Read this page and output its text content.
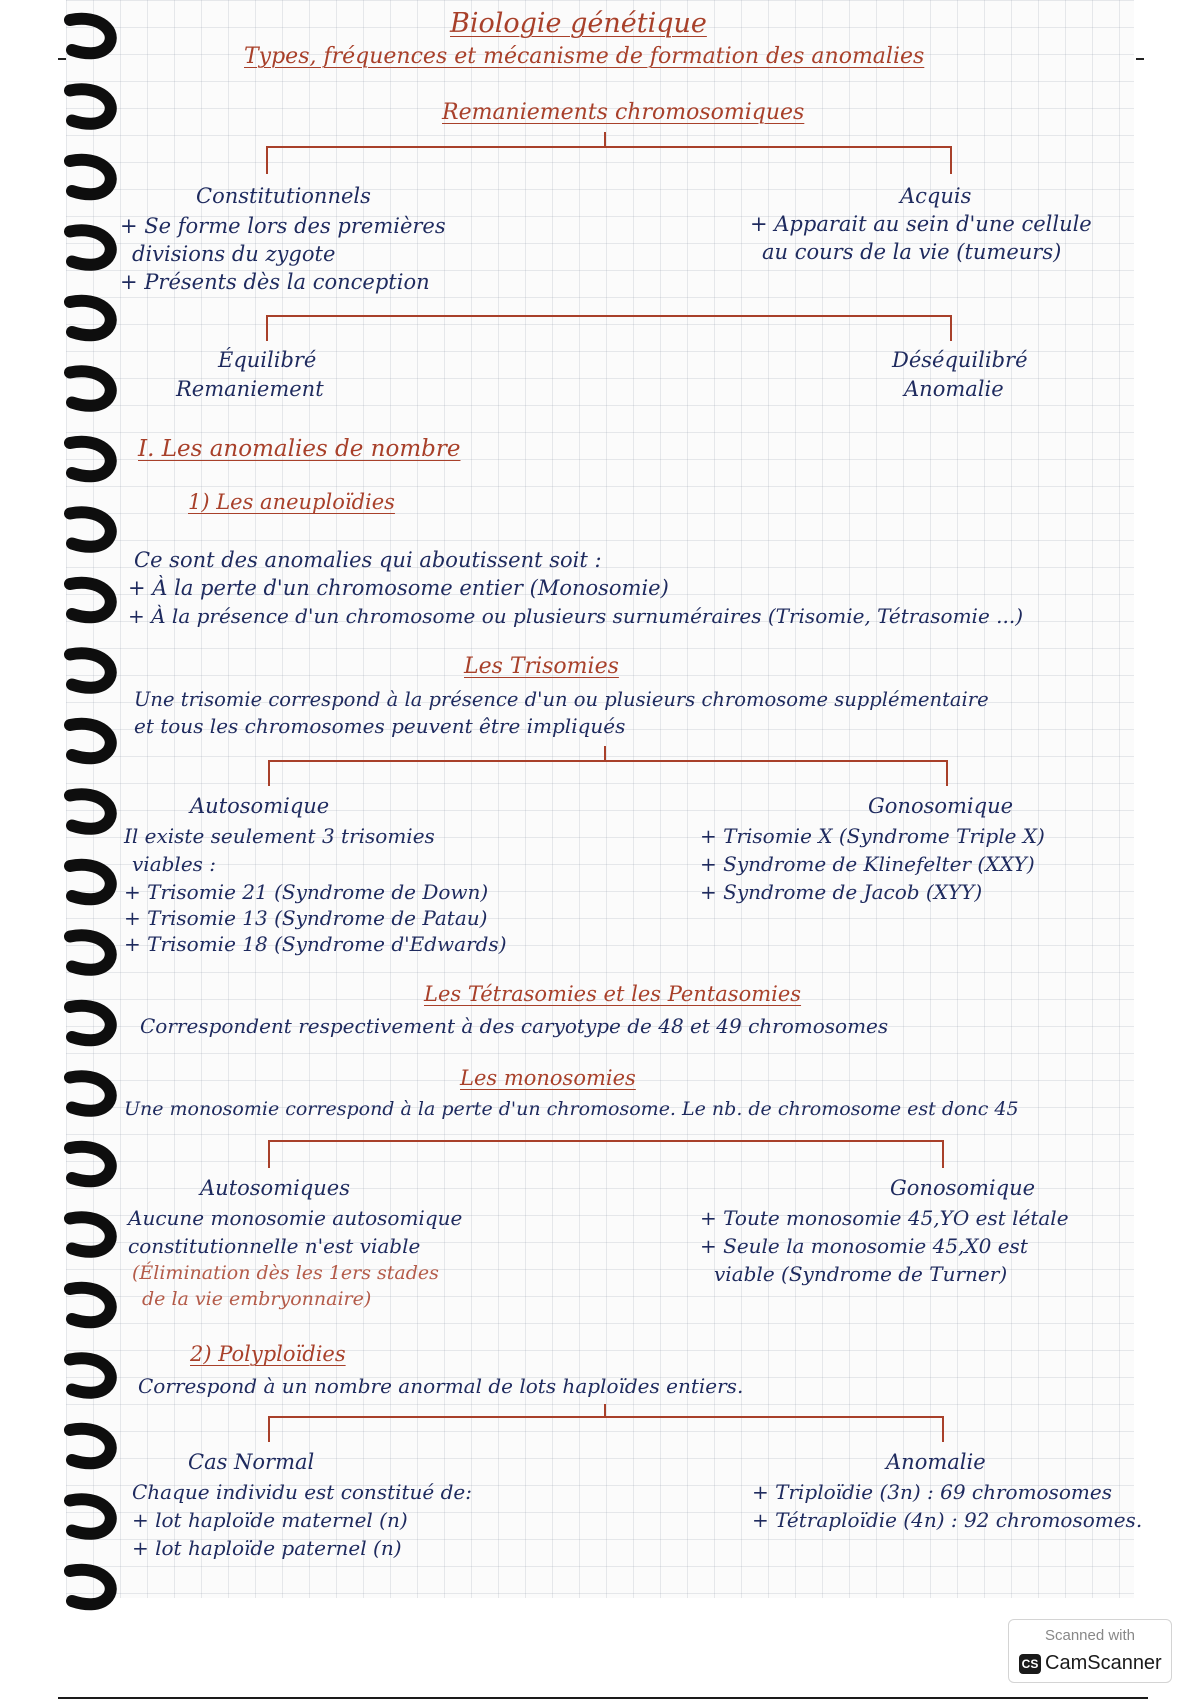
Biologie génétique
Types, fréquences et mécanisme de formation des anomalies
Remaniements chromosomiques
Constitutionnels
+ Se forme lors des premières
divisions du zygote
+ Présents dès la conception
Acquis
+ Apparait au sein d'une cellule
au cours de la vie (tumeurs)
Équilibré
Remaniement
Déséquilibré
Anomalie
I. Les anomalies de nombre
1) Les aneuploïdies
Ce sont des anomalies qui aboutissent soit :
+ À la perte d'un chromosome entier (Monosomie)
+ À la présence d'un chromosome ou plusieurs surnuméraires (Trisomie, Tétrasomie ...)
Les Trisomies
Une trisomie correspond à la présence d'un ou plusieurs chromosome supplémentaire
et tous les chromosomes peuvent être impliqués
Autosomique
Il existe seulement 3 trisomies
viables :
+ Trisomie 21 (Syndrome de Down)
+ Trisomie 13 (Syndrome de Patau)
+ Trisomie 18 (Syndrome d'Edwards)
Gonosomique
+ Trisomie X (Syndrome Triple X)
+ Syndrome de Klinefelter (XXY)
+ Syndrome de Jacob (XYY)
Les Tétrasomies et les Pentasomies
Correspondent respectivement à des caryotype de 48 et 49 chromosomes
Les monosomies
Une monosomie correspond à la perte d'un chromosome. Le nb. de chromosome est donc 45
Autosomiques
Aucune monosomie autosomique
constitutionnelle n'est viable
(Élimination dès les 1ers stades
de la vie embryonnaire)
Gonosomique
+ Toute monosomie 45,YO est létale
+ Seule la monosomie 45,X0 est
viable (Syndrome de Turner)
2) Polyploïdies
Correspond à un nombre anormal de lots haploïdes entiers.
Cas Normal
Chaque individu est constitué de:
+ lot haploïde maternel (n)
+ lot haploïde paternel (n)
Anomalie
+ Triploïdie (3n) : 69 chromosomes
+ Tétraploïdie (4n) : 92 chromosomes.
Scanned with
CS CamScanner
